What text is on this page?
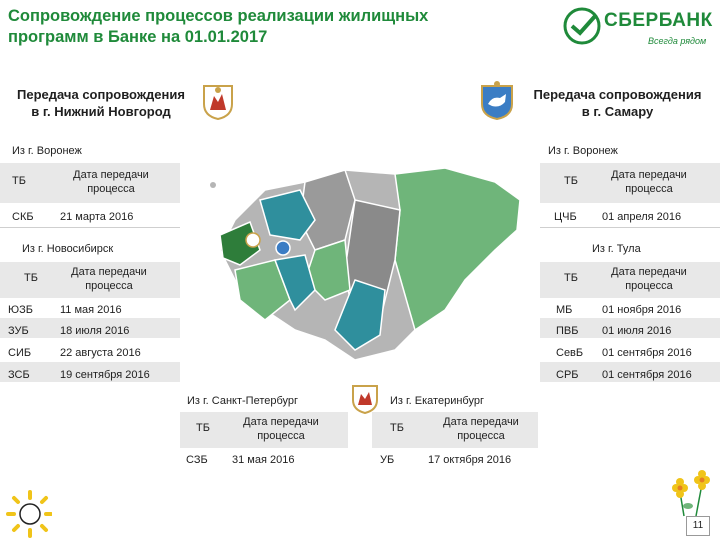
Сопровождение процессов реализации жилищных программ в Банке на 01.01.2017
СБЕРБАНК
Всегда рядом
Передача сопровождения
в г. Нижний Новгород
Передача сопровождения
в г. Самару
Из г. Воронеж
ТБ	Дата передачи
процесса
СКБ 21 марта 2016
Из г. Воронеж
ТБ	Дата передачи
процесса
ЦЧБ 01 апреля 2016
Из г. Новосибирск
ТБ	Дата передачи
процесса
ЮЗБ 11 мая 2016
ЗУБ	18 июля 2016
СИБ	22 августа 2016
ЗСБ	19 сентября 2016
Из г. Тула
ТБ	Дата передачи
процесса
МБ	01 ноября 2016
ПВБ 01 июля 2016
СевБ 01 сентября 2016
СРБ 01 сентября 2016
Из г. Санкт-Петербург
ТБ	Дата передачи
процесса
СЗБ 31 мая 2016
Из г. Екатеринбург
ТБ	Дата передачи
процесса
УБ	17 октября 2016
11
